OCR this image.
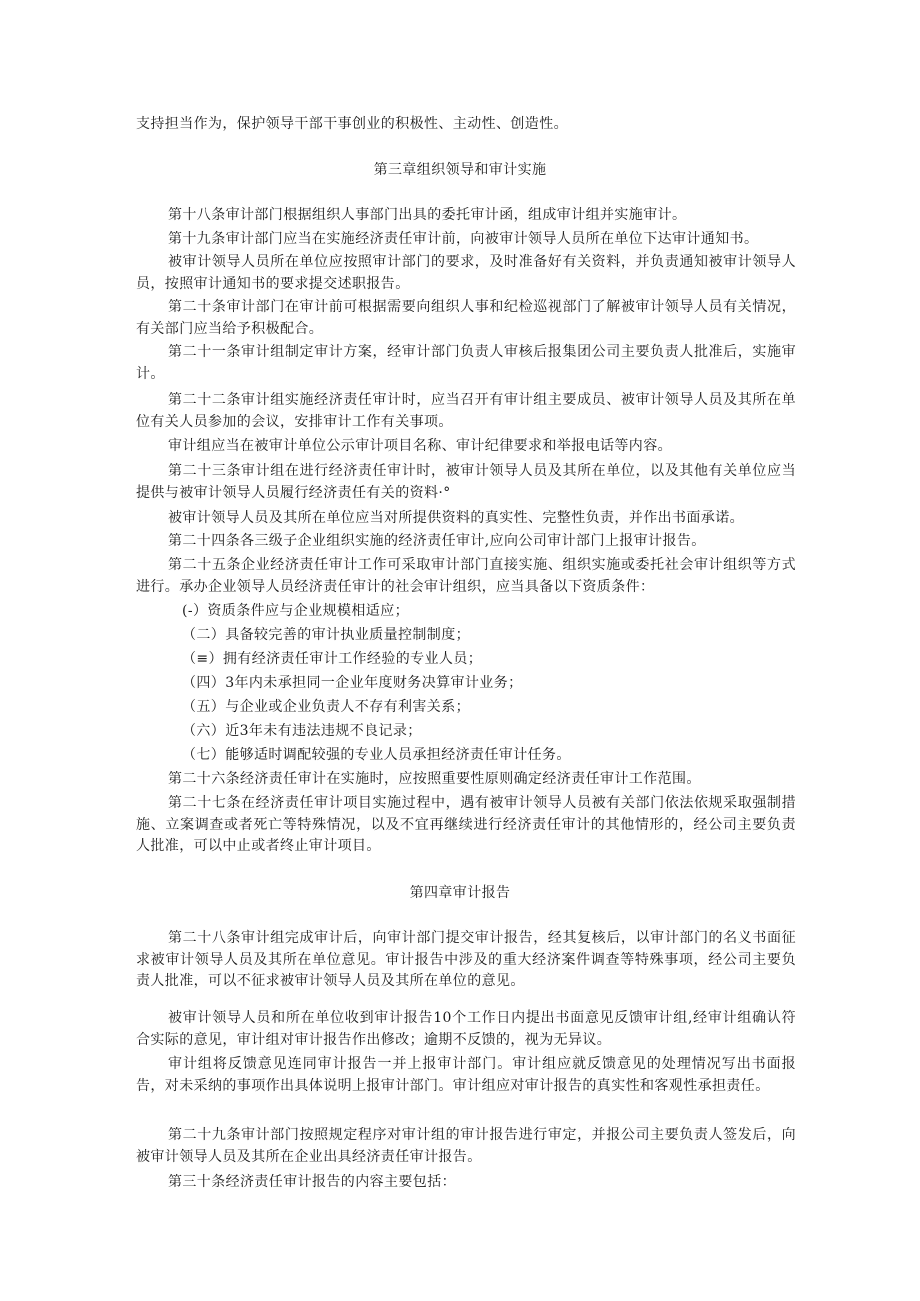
支持担当作为，保护领导干部干事创业的积极性、主动性、创造性。

第三章组织领导和审计实施

第十八条审计部门根据组织人事部门出具的委托审计函，组成审计组并实施审计。

第十九条审计部门应当在实施经济责任审计前，向被审计领导人员所在单位下达审计通知书。

被审计领导人员所在单位应按照审计部门的要求，及时准备好有关资料，并负责通知被审计领导人员，按照审计通知书的要求提交述职报告。

第二十条审计部门在审计前可根据需要向组织人事和纪检巡视部门了解被审计领导人员有关情况，有关部门应当给予积极配合。

第二十一条审计组制定审计方案，经审计部门负责人审核后报集团公司主要负责人批准后，实施审计。

第二十二条审计组实施经济责任审计时，应当召开有审计组主要成员、被审计领导人员及其所在单位有关人员参加的会议，安排审计工作有关事项。

审计组应当在被审计单位公示审计项目名称、审计纪律要求和举报电话等内容。

第二十三条审计组在进行经济责任审计时，被审计领导人员及其所在单位，以及其他有关单位应当提供与被审计领导人员履行经济责任有关的资料·°

被审计领导人员及其所在单位应当对所提供资料的真实性、完整性负责，并作出书面承诺。

第二十四条各三级子企业组织实施的经济责任审计,应向公司审计部门上报审计报告。

第二十五条企业经济责任审计工作可采取审计部门直接实施、组织实施或委托社会审计组织等方式进行。承办企业领导人员经济责任审计的社会审计组织，应当具备以下资质条件：

(-）资质条件应与企业规模相适应；

（二）具备较完善的审计执业质量控制制度；

（≡）拥有经济责任审计工作经验的专业人员；

（四）3年内未承担同一企业年度财务决算审计业务；

（五）与企业或企业负责人不存有利害关系；

（六）近3年未有违法违规不良记录；

（七）能够适时调配较强的专业人员承担经济责任审计任务。

第二十六条经济责任审计在实施时，应按照重要性原则确定经济责任审计工作范围。

第二十七条在经济责任审计项目实施过程中，遇有被审计领导人员被有关部门依法依规采取强制措施、立案调查或者死亡等特殊情况，以及不宜再继续进行经济责任审计的其他情形的，经公司主要负责人批准，可以中止或者终止审计项目。

第四章审计报告

第二十八条审计组完成审计后，向审计部门提交审计报告，经其复核后，以审计部门的名义书面征求被审计领导人员及其所在单位意见。审计报告中涉及的重大经济案件调查等特殊事项，经公司主要负责人批准，可以不征求被审计领导人员及其所在单位的意见。

被审计领导人员和所在单位收到审计报告10个工作日内提出书面意见反馈审计组,经审计组确认符合实际的意见，审计组对审计报告作出修改；逾期不反馈的，视为无异议。

审计组将反馈意见连同审计报告一并上报审计部门。审计组应就反馈意见的处理情况写出书面报告，对未采纳的事项作出具体说明上报审计部门。审计组应对审计报告的真实性和客观性承担责任。

第二十九条审计部门按照规定程序对审计组的审计报告进行审定，并报公司主要负责人签发后，向被审计领导人员及其所在企业出具经济责任审计报告。

第三十条经济责任审计报告的内容主要包括：
